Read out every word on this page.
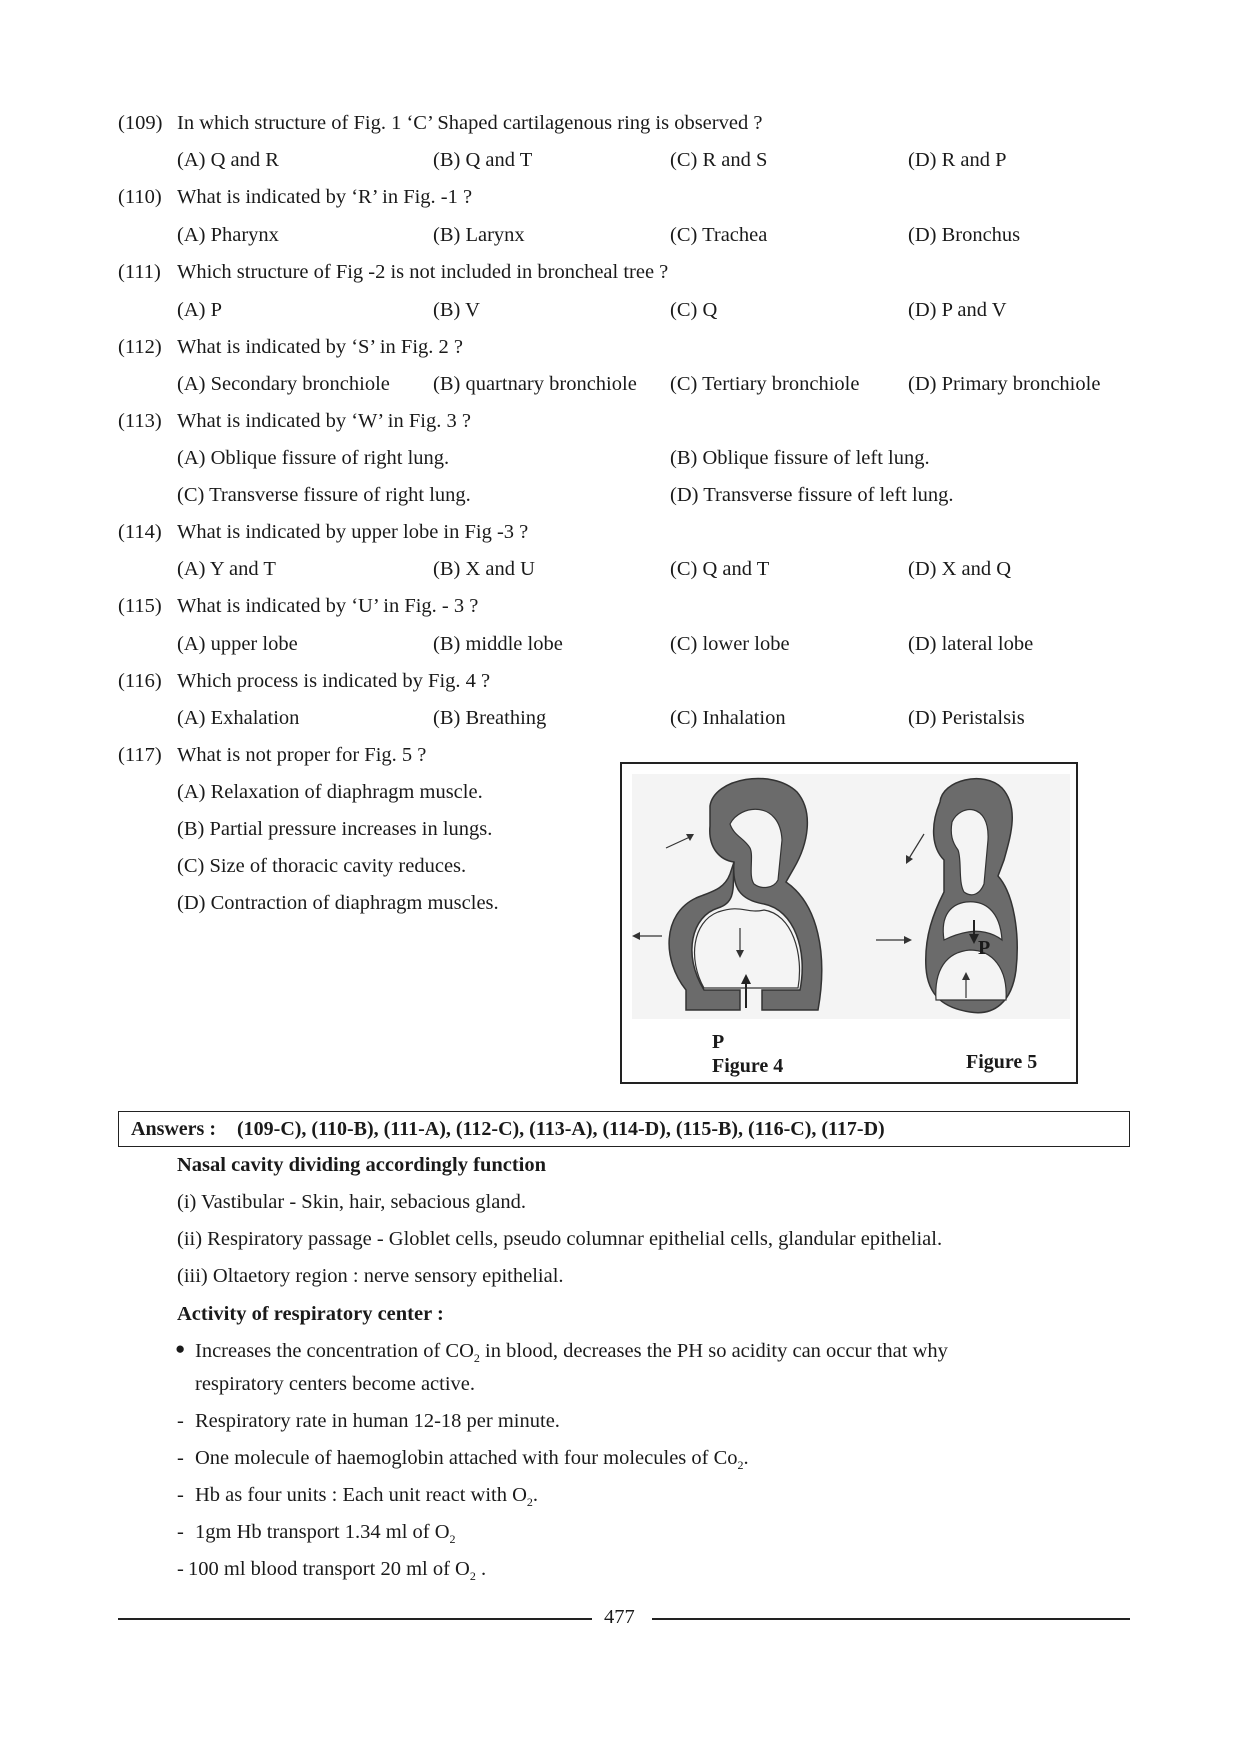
(109) In which structure of Fig. 1 ‘C’ Shaped cartilagenous ring is observed ?
(A) Q and R	(B) Q and T	(C) R and S	(D) R and P
(110) What is indicated by ‘R’ in Fig. -1 ?
(A) Pharynx	(B) Larynx	(C) Trachea	(D) Bronchus
(111) Which structure of Fig -2 is not included in broncheal tree ?
(A) P	(B) V	(C) Q	(D) P and V
(112) What is indicated by ‘S’ in Fig. 2 ?
(A) Secondary bronchiole (B) quartnary bronchiole (C) Tertiary bronchiole (D) Primary bronchiole
(113) What is indicated by ‘W’ in Fig. 3 ?
(A) Oblique fissure of right lung.	(B) Oblique fissure of left lung.
(C) Transverse fissure of right lung.	(D) Transverse fissure of left lung.
(114) What is indicated by upper lobe in Fig -3 ?
(A) Y and T	(B) X and U	(C) Q and T	(D) X and Q
(115) What is indicated by ‘U’ in Fig. - 3 ?
(A) upper lobe	(B) middle lobe	(C) lower lobe	(D) lateral lobe
(116) Which process is indicated by Fig. 4 ?
(A) Exhalation	(B) Breathing	(C) Inhalation	(D) Peristalsis
(117) What is not proper for Fig. 5 ?
(A) Relaxation of diaphragm muscle.
(B) Partial pressure increases in lungs.
(C) Size of thoracic cavity reduces.
(D) Contraction of diaphragm muscles.
P
Figure 4
P
Figure 5
Answers : (109-C), (110-B), (111-A), (112-C), (113-A), (114-D), (115-B), (116-C), (117-D)
Nasal cavity dividing accordingly function
(i) Vastibular - Skin, hair, sebacious gland.
(ii) Respiratory passage - Globlet cells, pseudo columnar epithelial cells, glandular epithelial.
(iii) Oltaetory region : nerve sensory epithelial.
Activity of respiratory center :
● Increases the concentration of $CO_2$ in blood, decreases the PH so acidity can occur that why
respiratory centers become active.
- Respiratory rate in human 12-18 per minute.
- One molecule of haemoglobin attached with four molecules of $Co_2$.
- Hb as four units : Each unit react with $O_2$.
- 1gm Hb transport 1.34 ml of $O_2$
- 100 ml blood transport 20 ml of $O_2$ .
477
